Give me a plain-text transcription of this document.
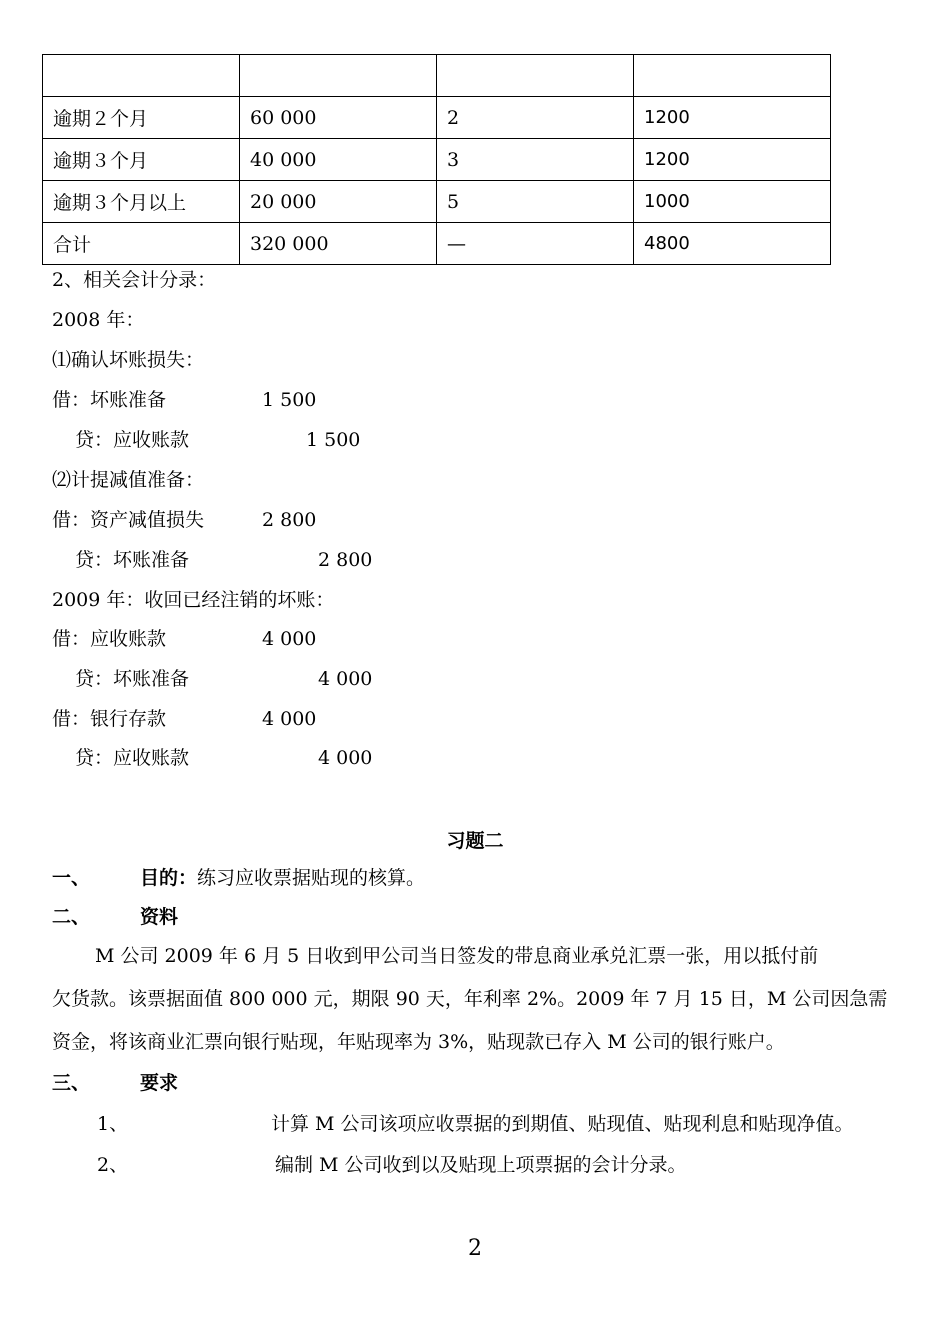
逾期２个月	60 000	2	1200
逾期３个月	40 000	3	1200
逾期３个月以上	20 000	5	1000
合计	320 000	—	4800
2、相关会计分录：
2008 年：
⑴确认坏账损失：
借：坏账准备	1 500
贷：应收账款	1 500
⑵计提减值准备：
借：资产减值损失	2 800
贷：坏账准备	2 800
2009 年：收回已经注销的坏账：
借：应收账款	4 000
贷：坏账准备	4 000
借：银行存款	4 000
贷：应收账款	4 000
习题二
一、	目的：练习应收票据贴现的核算。
二、	资料
M 公司 2009 年 6 月 5 日收到甲公司当日签发的带息商业承兑汇票一张，用以抵付前
欠货款。该票据面值 800 000 元，期限 90 天，年利率 2%。2009 年 7 月 15 日，M 公司因急需
资金，将该商业汇票向银行贴现，年贴现率为 3%，贴现款已存入 M 公司的银行账户。
三、	要求
1、	计算 M 公司该项应收票据的到期值、贴现值、贴现利息和贴现净值。
2、	编制 M 公司收到以及贴现上项票据的会计分录。
2
